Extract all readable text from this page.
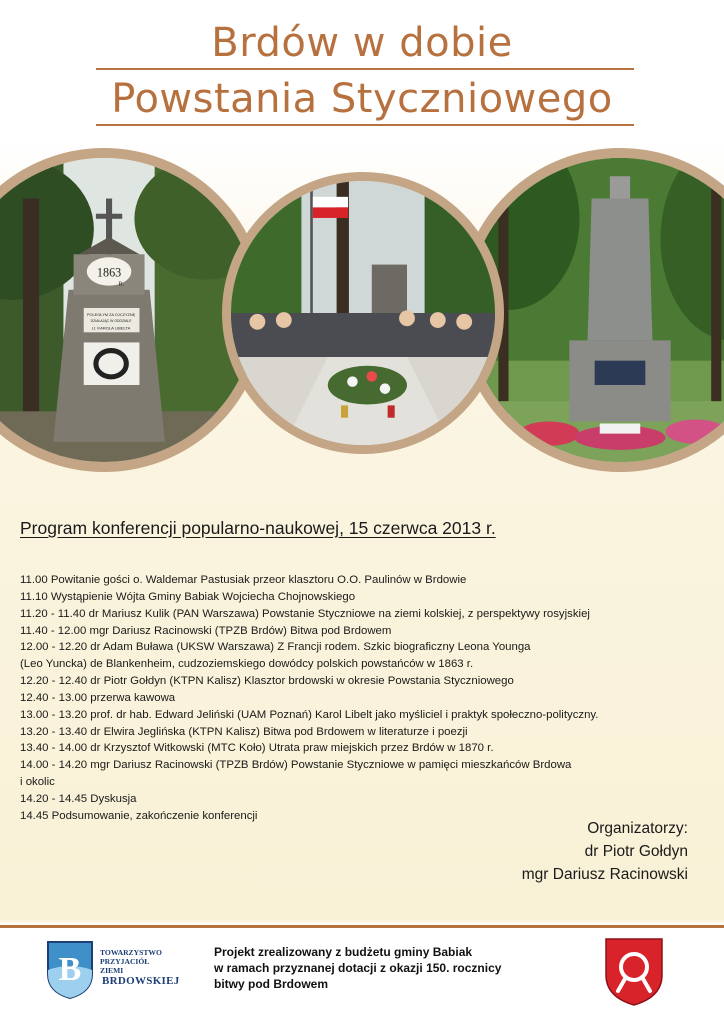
Brdów w dobie
Powstania Styczniowego
1863
R.
POLEGŁYM ZA OJCZYZNĘ
DZIAŁAJĄC W ODDZIALE
Lt. KAROLA LIBELTA
Program konferencji popularno-naukowej, 15 czerwca 2013 r.
11.00 Powitanie gości o. Waldemar Pastusiak przeor klasztoru O.O. Paulinów w Brdowie
11.10 Wystąpienie Wójta Gminy Babiak Wojciecha Chojnowskiego
11.20 - 11.40 dr Mariusz Kulik (PAN Warszawa) Powstanie Styczniowe na ziemi kolskiej, z perspektywy rosyjskiej
11.40 - 12.00 mgr Dariusz Racinowski (TPZB Brdów) Bitwa pod Brdowem
12.00 - 12.20 dr Adam Buława (UKSW Warszawa) Z Francji rodem. Szkic biograficzny Leona Younga
(Leo Yuncka) de Blankenheim, cudzoziemskiego dowódcy polskich powstańców w 1863 r.
12.20 - 12.40 dr Piotr Gołdyn (KTPN Kalisz) Klasztor brdowski w okresie Powstania Styczniowego
12.40 - 13.00 przerwa kawowa
13.00 - 13.20 prof. dr hab. Edward Jeliński (UAM Poznań) Karol Libelt jako myśliciel i praktyk społeczno-polityczny.
13.20 - 13.40 dr Elwira Jeglińska (KTPN Kalisz) Bitwa pod Brdowem w literaturze i poezji
13.40 - 14.00 dr Krzysztof Witkowski (MTC Koło) Utrata praw miejskich przez Brdów w 1870 r.
14.00 - 14.20 mgr Dariusz Racinowski (TPZB Brdów) Powstanie Styczniowe w pamięci mieszkańców Brdowa
i okolic
14.20 - 14.45 Dyskusja
14.45 Podsumowanie, zakończenie konferencji
Organizatorzy:
dr Piotr Gołdyn
mgr Dariusz Racinowski
B TOWARZYSTWO
PRZYJACIÓŁ
ZIEMI
BRDOWSKIEJ
Projekt zrealizowany z budżetu gminy Babiak
w ramach przyznanej dotacji z okazji 150. rocznicy
bitwy pod Brdowem
